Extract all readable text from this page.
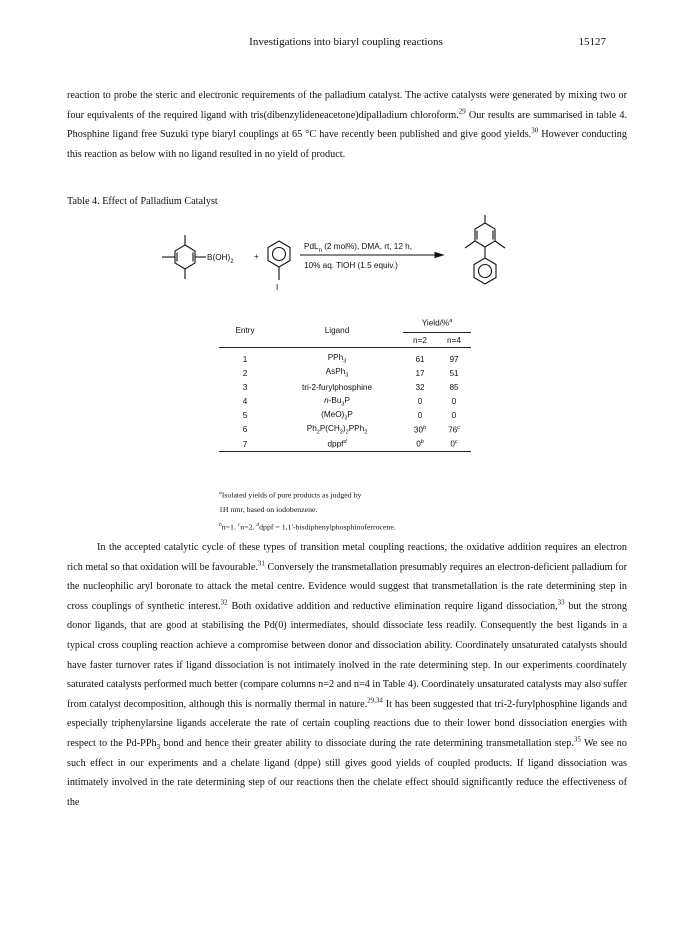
Investigations into biaryl coupling reactions	15127

reaction to probe the steric and electronic requirements of the palladium catalyst. The active catalysts were generated by mixing two or four equivalents of the required ligand with tris(dibenzylideneacetone)dipalladium chloroform.$^{29}$ Our results are summarised in table 4. Phosphine ligand free Suzuki type biaryl couplings at 65 °C have recently been published and give good yields.$^{30}$ However conducting this reaction as below with no ligand resulted in no yield of product.

Table 4. Effect of Palladium Catalyst
$B(OH)_2$
+
I
PdL$_n$ (2 mol%), DMA, rt, 12 h,
10% aq. TlOH (1.5 equiv.)
Entry	Ligand	Yield/%$^a$
		n=2	n=4
1	PPh$_3$	61	97
2	AsPh$_3$	17	51
3	tri-2-furylphosphine	32	85
4	$n-Bu_3P$	0	0
5	$(MeO)_3P$	0	0
6	$Ph_2P(CH_2)_2PPh_2$	30$^b$	76$^c$
7	dppf$^d$	0$^b$	0$^c$
$^a$Isolated yields of pure products as judged by
1H nmr, based on iodobenzene.
$^b$n=1. $^c$n=2. $^d$dppf = 1,1'-bisdiphenylphosphinoferrocene.

In the accepted catalytic cycle of these types of transition metal coupling reactions, the oxidative addition requires an electron rich metal so that oxidation will be favourable.$^{31}$ Conversely the transmetallation presumably requires an electron-deficient palladium for the nucleophilic aryl boronate to attack the metal centre. Evidence would suggest that transmetallation is the rate determining step in cross couplings of synthetic interest.$^{32}$ Both oxidative addition and reductive elimination require ligand dissociation,$^{33}$ but the strong donor ligands, that are good at stabilising the Pd(0) intermediates, should dissociate less readily. Consequently the best ligands in a typical cross coupling reaction achieve a compromise between donor and dissociation ability. Coordinately unsaturated catalysts should have faster turnover rates if ligand dissociation is not intimately inolved in the rate determining step. In our experiments coordinately saturated catalysts performed much better (compare columns n=2 and n=4 in Table 4). Coordinately unsaturated catalysts may also suffer from catalyst decomposition, although this is normally thermal in nature.$^{29,34}$ It has been suggested that tri-2-furylphosphine ligands and especially triphenylarsine ligands accelerate the rate of certain coupling reactions due to their lower bond dissociation energies with respect to the Pd-PPh$_3$ bond and hence their greater ability to dissociate during the rate determining transmetallation step.$^{35}$ We see no such effect in our experiments and a chelate ligand (dppe) still gives good yields of coupled products. If ligand dissociation was intimately involved in the rate determining step of our reactions then the chelate effect should significantly reduce the effectiveness of the
